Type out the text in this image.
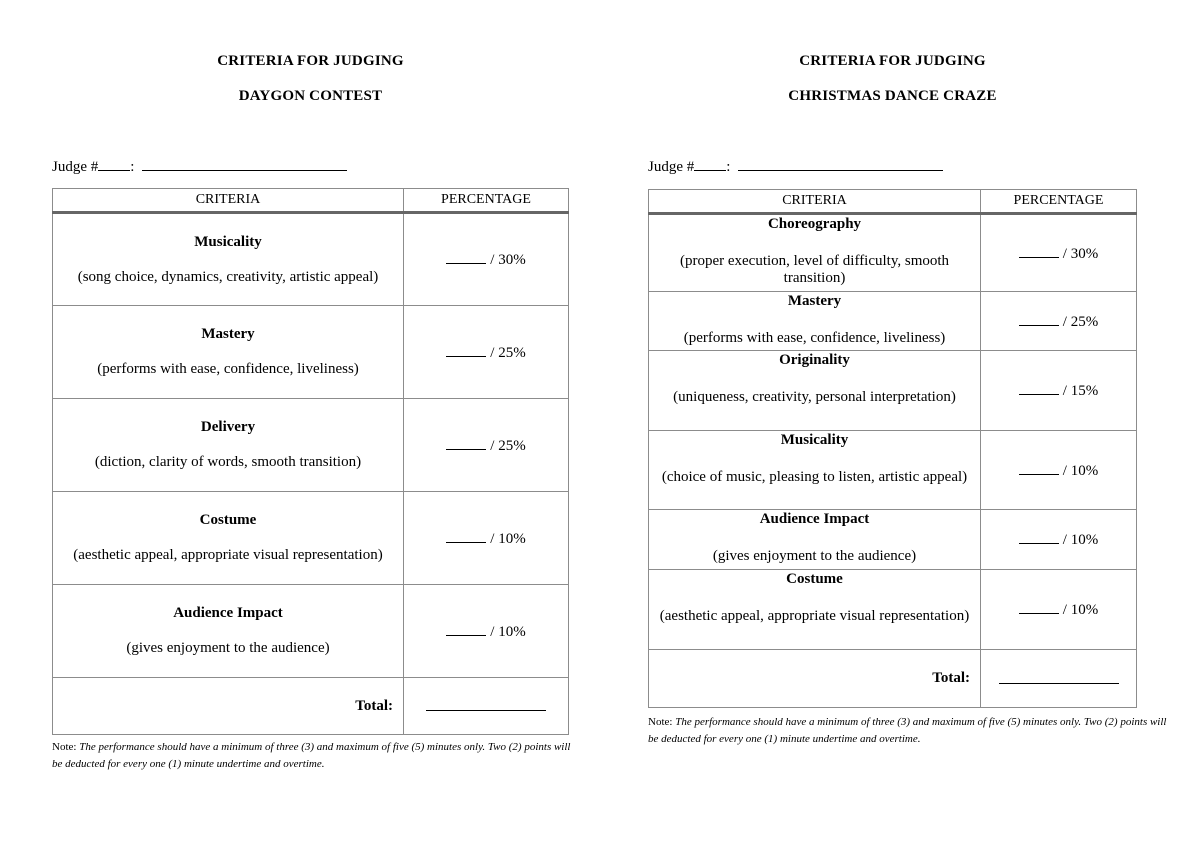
CRITERIA FOR JUDGING
DAYGON CONTEST
Judge # :
CRITERIA	PERCENTAGE

Musicality
(song choice, dynamics, creativity, artistic appeal)	/ 30%

Mastery
(performs with ease, confidence, liveliness)	/ 25%

Delivery
(diction, clarity of words, smooth transition)	/ 25%

Costume
(aesthetic appeal, appropriate visual representation)	/ 10%

Audience Impact
(gives enjoyment to the audience)	/ 10%
Total:	
Note: The performance should have a minimum of three (3) and maximum of five (5) minutes only. Two (2) points will be deducted for every one (1) minute undertime and overtime.
CRITERIA FOR JUDGING
CHRISTMAS DANCE CRAZE
Judge # :
CRITERIA	PERCENTAGE

Choreography
(proper execution, level of difficulty, smooth transition)	/ 30%

Mastery
(performs with ease, confidence, liveliness)	/ 25%

Originality
(uniqueness, creativity, personal interpretation)	/ 15%

Musicality
(choice of music, pleasing to listen, artistic appeal)	/ 10%

Audience Impact
(gives enjoyment to the audience)	/ 10%

Costume
(aesthetic appeal, appropriate visual representation)	/ 10%
Total:	
Note: The performance should have a minimum of three (3) and maximum of five (5) minutes only. Two (2) points will be deducted for every one (1) minute undertime and overtime.
